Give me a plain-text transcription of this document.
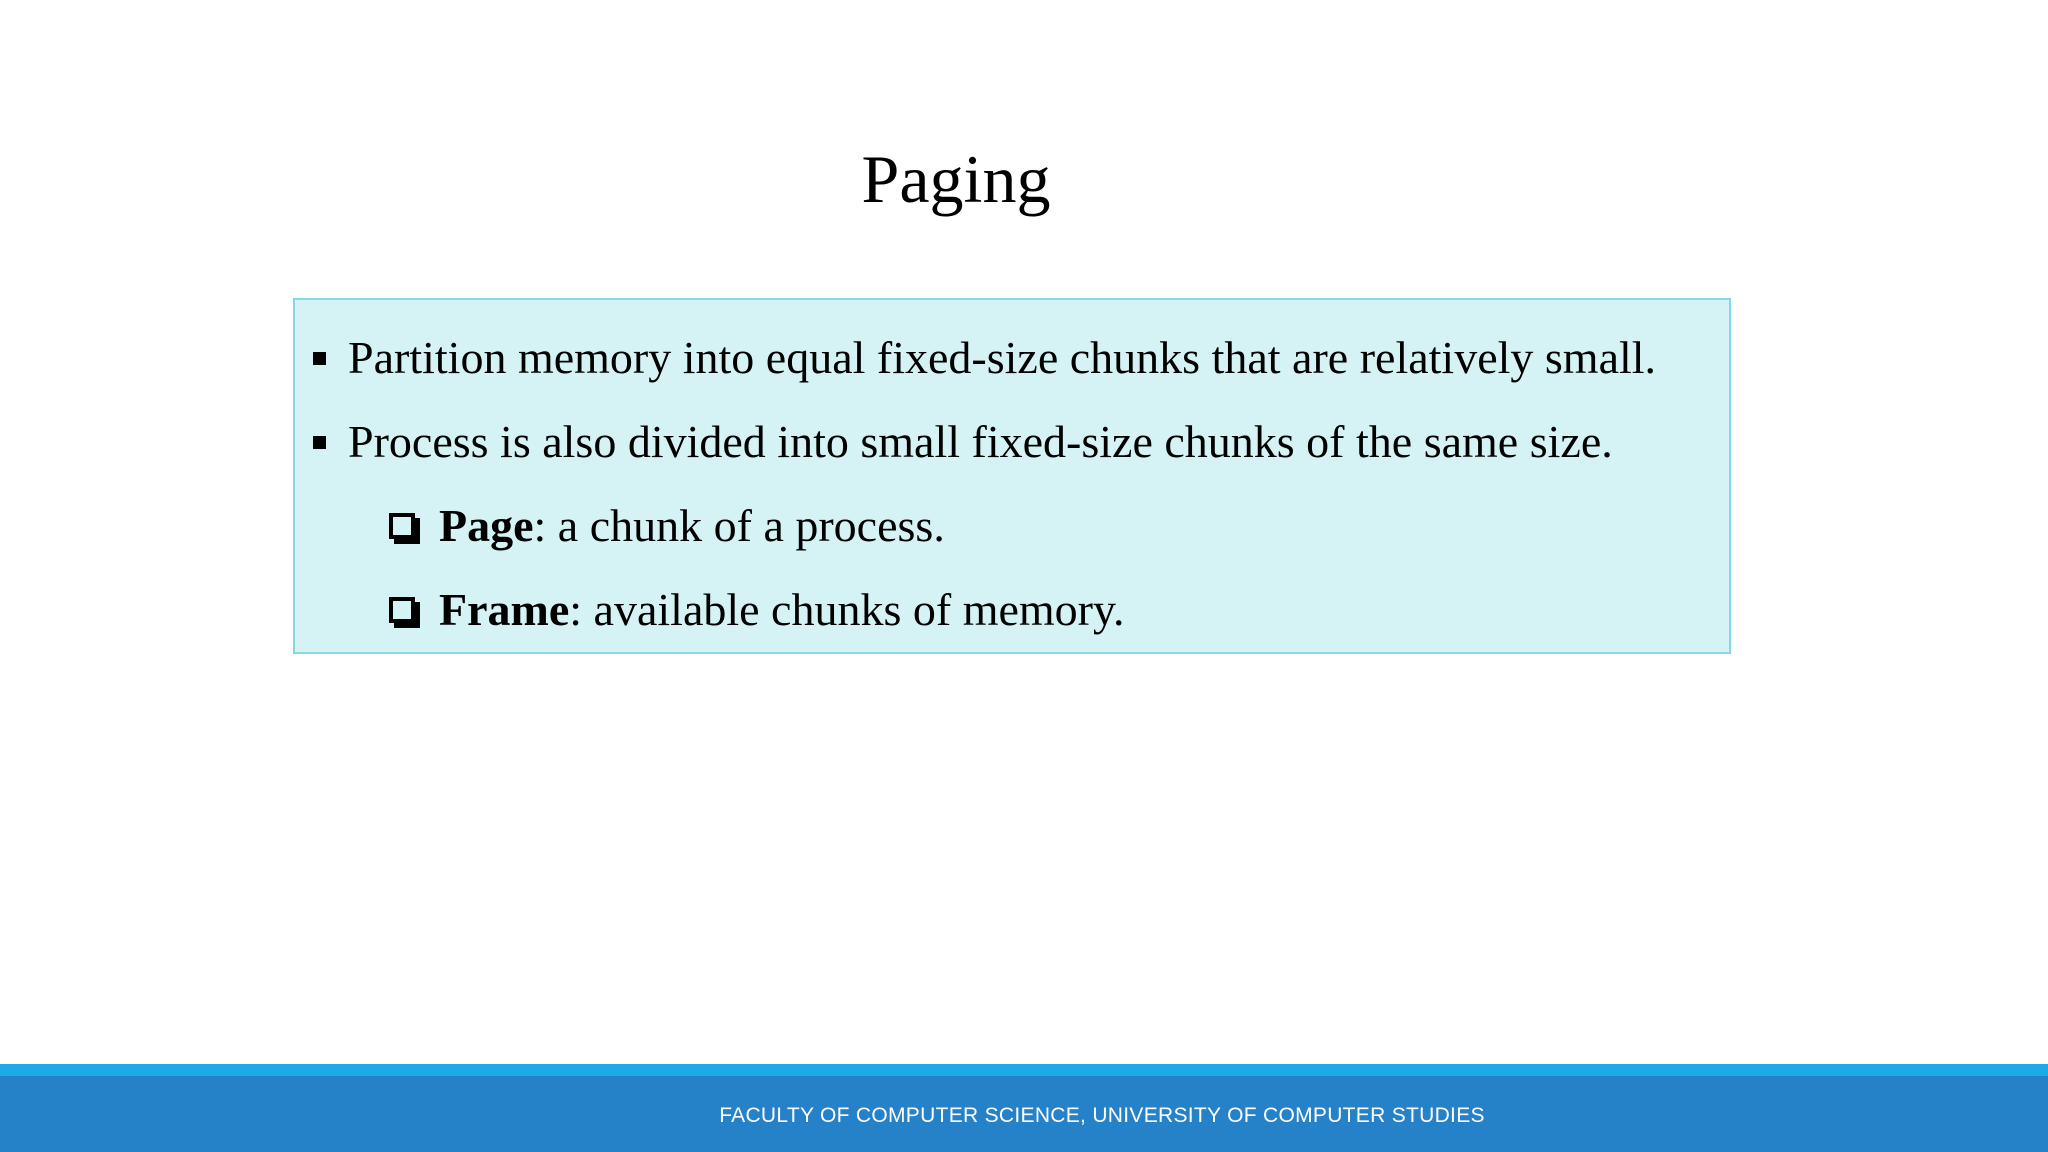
Paging
Partition memory into equal fixed-size chunks that are relatively small.
Process is also divided into small fixed-size chunks of the same size.
Page: a chunk of a process.
Frame: available chunks of memory.
FACULTY OF COMPUTER SCIENCE, UNIVERSITY OF COMPUTER STUDIES
